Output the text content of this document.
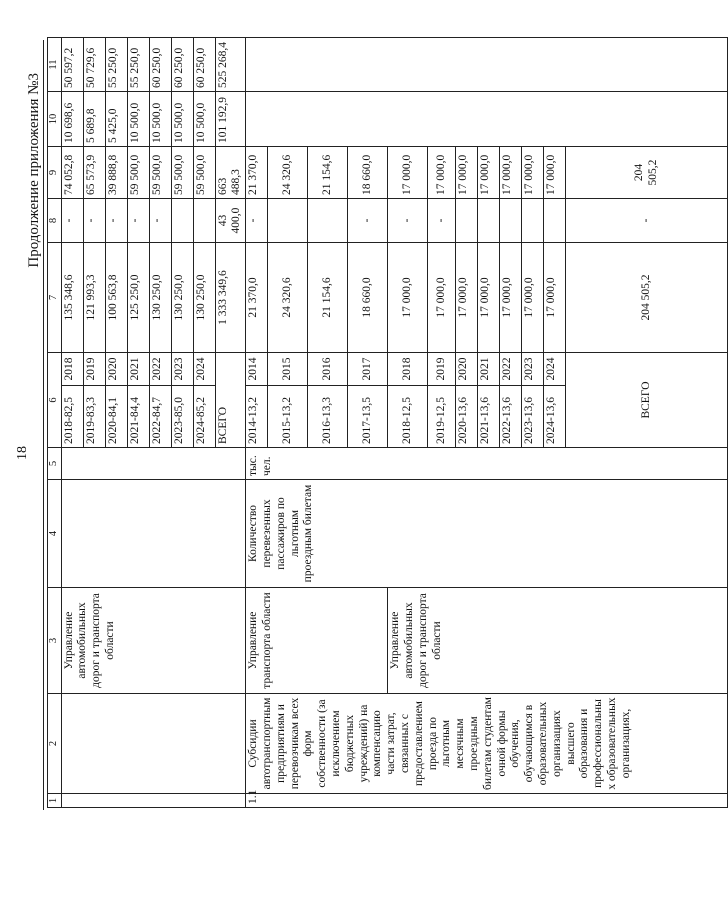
18
Продолжение приложения №3
1	2	3	4	5	6		7	8	9	10	11
		Управление автомобильных дорог и транспорта области			2018-82,5	2018	135 348,6	-	74 052,8	10 698,6	50 597,2
					2019-83,3	2019	121 993,3	-	65 573,9	5 689,8	50 729,6
					2020-84,1	2020	100 563,8	-	39 888,8	5 425,0	55 250,0
					2021-84,4	2021	125 250,0	-	59 500,0	10 500,0	55 250,0
					2022-84,7	2022	130 250,0	-	59 500,0	10 500,0	60 250,0
					2023-85,0	2023	130 250,0		59 500,0	10 500,0	60 250,0
					2024-85,2	2024	130 250,0		59 500,0	10 500,0	60 250,0
					ВСЕГО		1 333 349,6	43 400,0	663 488,3	101 192,9	525 268,4
1.1	Субсидии автотранспортным предприятиям и перевозчикам всех форм собственности (за исключением бюджетных учреждений) на компенсацию части затрат, связанных с предоставлением проезда по льготным месячным проездным билетам студентам очной формы обучения, обучающимся в образовательных организациях высшего образования и профессиональных образовательных организациях,	Управление транспорта области	Количество перевезенных пассажиров по льготным проездным билетам	тыс. чел.	2014-13,2	2014	21 370,0	-	21 370,0		
					2015-13,2	2015	24 320,6		24 320,6		
					2016-13,3	2016	21 154,6		21 154,6		
					2017-13,5	2017	18 660,0	-	18 660,0		
		Управление автомобильных дорог и транспорта области			2018-12,5	2018	17 000,0	-	17 000,0		
					2019-12,5	2019	17 000,0	-	17 000,0		
					2020-13,6	2020	17 000,0		17 000,0		
					2021-13,6	2021	17 000,0		17 000,0		
					2022-13,6	2022	17 000,0		17 000,0		
					2023-13,6	2023	17 000,0		17 000,0		
					2024-13,6	2024	17 000,0		17 000,0		
					ВСЕГО		204 505,2	-	204 505,2		
